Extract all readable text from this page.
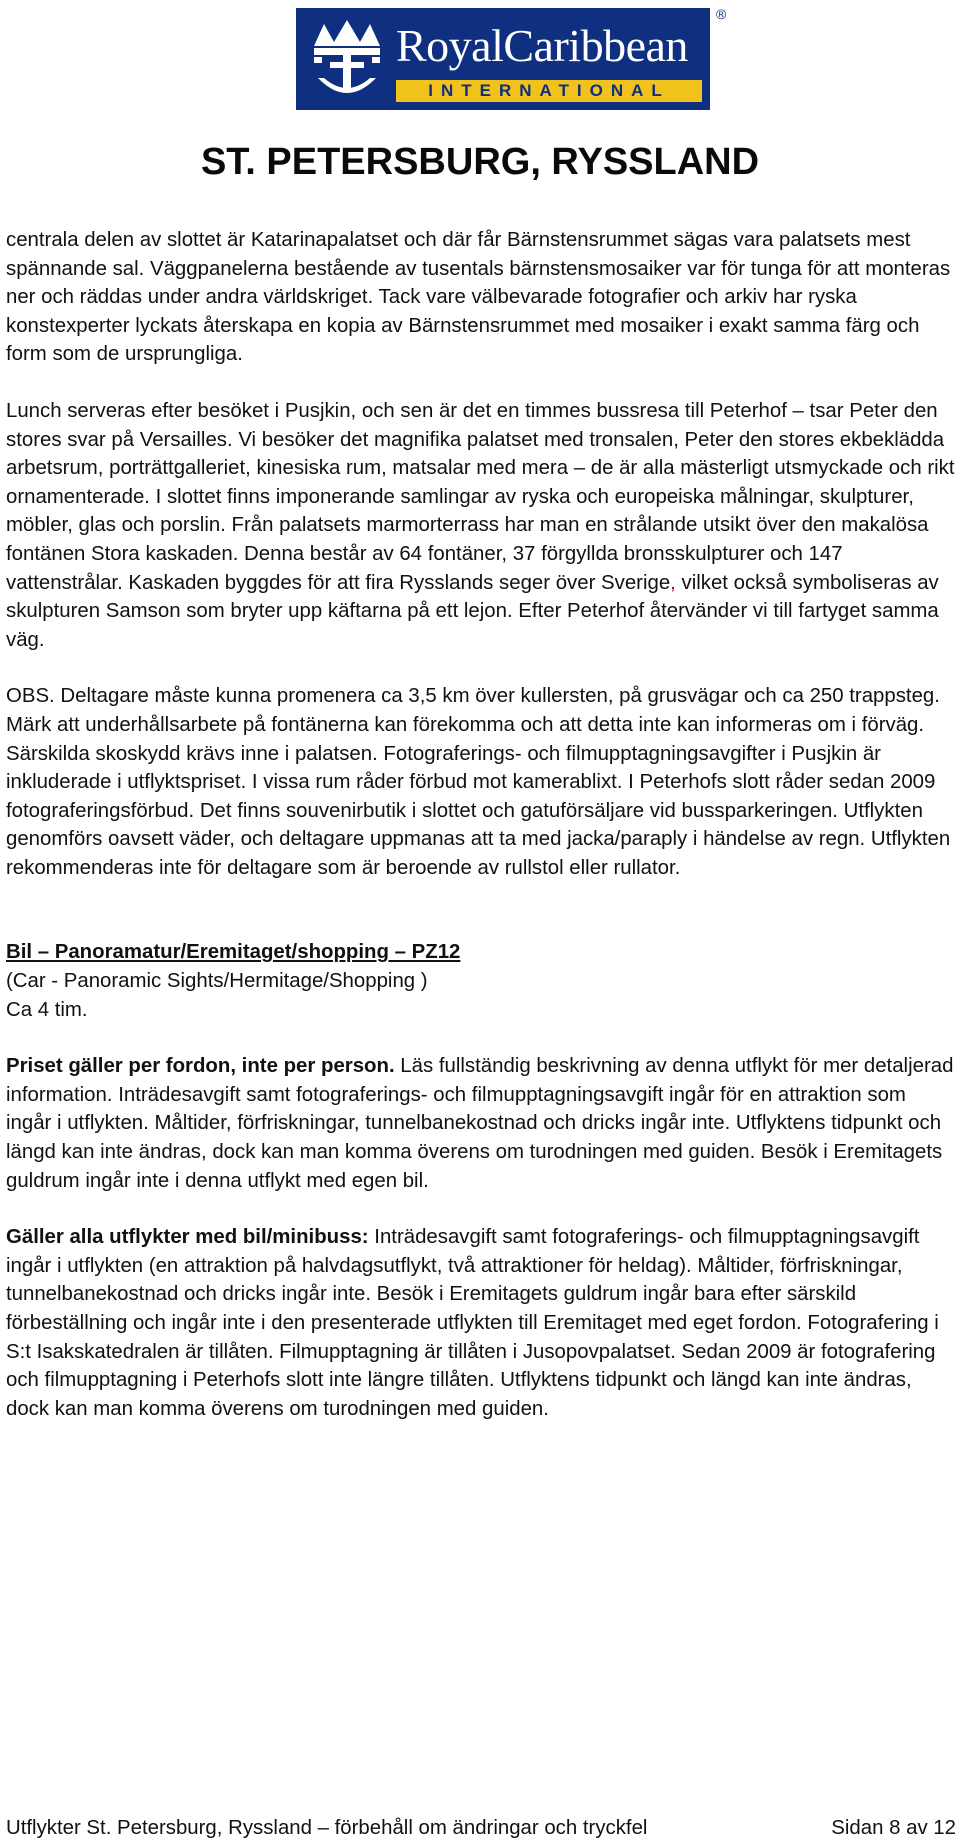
RoyalCaribbean
INTERNATIONAL
®
ST. PETERSBURG, RYSSLAND

centrala delen av slottet är Katarinapalatset och där får Bärnstensrummet sägas vara palatsets mest spännande sal. Väggpanelerna bestående av tusentals bärnstensmosaiker var för tunga för att monteras ner och räddas under andra världskriget. Tack vare välbevarade fotografier och arkiv har ryska konstexperter lyckats återskapa en kopia av Bärnstensrummet med mosaiker i exakt samma färg och form som de ursprungliga.

Lunch serveras efter besöket i Pusjkin, och sen är det en timmes bussresa till Peterhof – tsar Peter den stores svar på Versailles. Vi besöker det magnifika palatset med tronsalen, Peter den stores ekbeklädda arbetsrum, porträttgalleriet, kinesiska rum, matsalar med mera – de är alla mästerligt utsmyckade och rikt ornamenterade. I slottet finns imponerande samlingar av ryska och europeiska målningar, skulpturer, möbler, glas och porslin. Från palatsets marmorterrass har man en strålande utsikt över den makalösa fontänen Stora kaskaden. Denna består av 64 fontäner, 37 förgyllda bronsskulpturer och 147 vattenstrålar. Kaskaden byggdes för att fira Rysslands seger över Sverige, vilket också symboliseras av skulpturen Samson som bryter upp käftarna på ett lejon. Efter Peterhof återvänder vi till fartyget samma väg.

OBS. Deltagare måste kunna promenera ca 3,5 km över kullersten, på grusvägar och ca 250 trappsteg. Märk att underhållsarbete på fontänerna kan förekomma och att detta inte kan informeras om i förväg. Särskilda skoskydd krävs inne i palatsen. Fotograferings- och filmupptagningsavgifter i Pusjkin är inkluderade i utflyktspriset. I vissa rum råder förbud mot kamerablixt. I Peterhofs slott råder sedan 2009 fotograferingsförbud. Det finns souvenirbutik i slottet och gatuförsäljare vid bussparkeringen. Utflykten genomförs oavsett väder, och deltagare uppmanas att ta med jacka/paraply i händelse av regn. Utflykten rekommenderas inte för deltagare som är beroende av rullstol eller rullator.

Bil – Panoramatur/Eremitaget/shopping – PZ12

(Car - Panoramic Sights/Hermitage/Shopping )

Ca 4 tim.

Priset gäller per fordon, inte per person. Läs fullständig beskrivning av denna utflykt för mer detaljerad information. Inträdesavgift samt fotograferings- och filmupptagningsavgift ingår för en attraktion som ingår i utflykten. Måltider, förfriskningar, tunnelbanekostnad och dricks ingår inte. Utflyktens tidpunkt och längd kan inte ändras, dock kan man komma överens om turodningen med guiden. Besök i Eremitagets guldrum ingår inte i denna utflykt med egen bil.

Gäller alla utflykter med bil/minibuss: Inträdesavgift samt fotograferings- och filmupptagningsavgift ingår i utflykten (en attraktion på halvdagsutflykt, två attraktioner för heldag). Måltider, förfriskningar, tunnelbanekostnad och dricks ingår inte. Besök i Eremitagets guldrum ingår bara efter särskild förbeställning och ingår inte i den presenterade utflykten till Eremitaget med eget fordon. Fotografering i S:t Isakskatedralen är tillåten. Filmupptagning är tillåten i Jusopovpalatset. Sedan 2009 är fotografering och filmupptagning i Peterhofs slott inte längre tillåten. Utflyktens tidpunkt och längd kan inte ändras, dock kan man komma överens om turodningen med guiden.

Utflykter St. Petersburg, Ryssland – förbehåll om ändringar och tryckfel	Sidan 8 av 12
